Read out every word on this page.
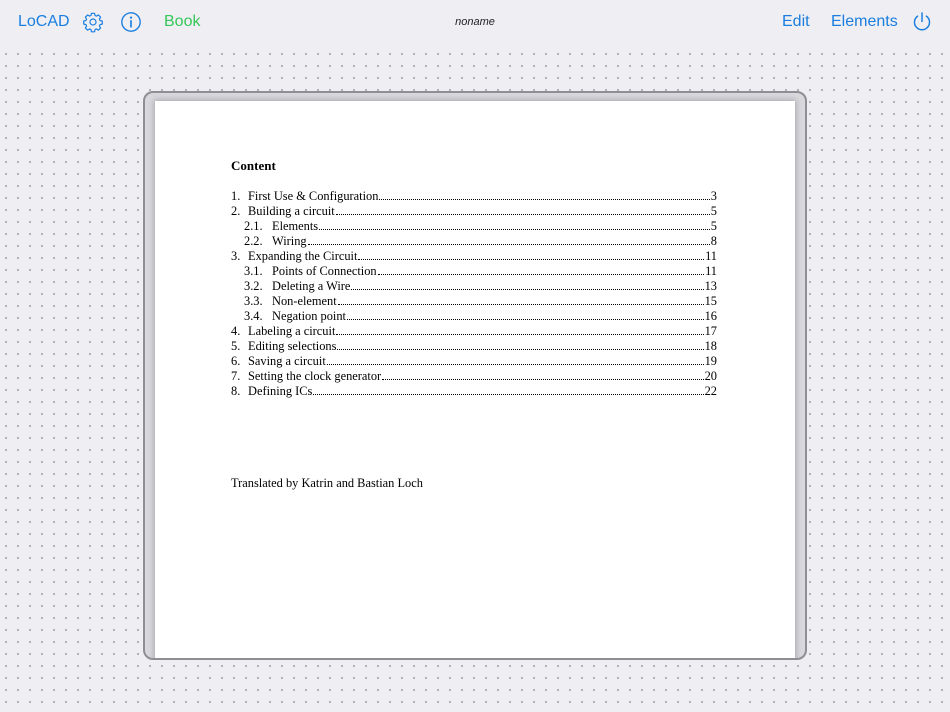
LoCAD	Book	noname	Edit Elements
Content
1. First Use & Configuration	3
2. Building a circuit	5
2.1. Elements	5
2.2. Wiring	8
3. Expanding the Circuit	11
3.1. Points of Connection	11
3.2. Deleting a Wire	13
3.3. Non-element	15
3.4. Negation point	16
4. Labeling a circuit	17
5. Editing selections	18
6. Saving a circuit	19
7. Setting the clock generator	20
8. Defining ICs	22
Translated by Katrin and Bastian Loch
